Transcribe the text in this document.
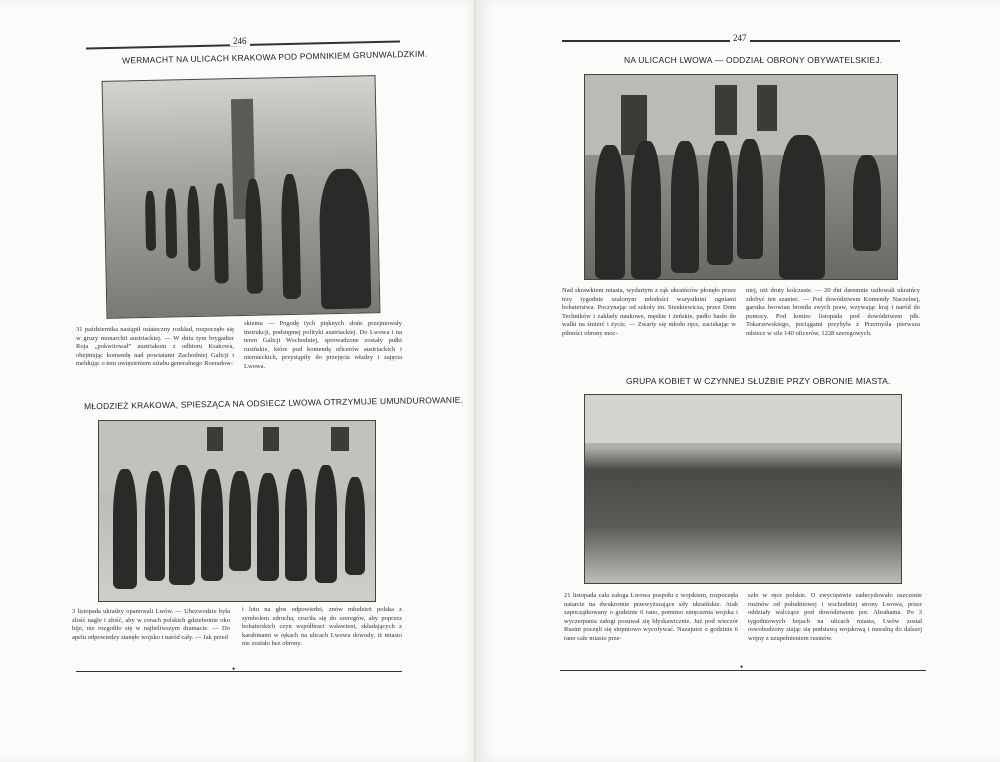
246
WERMACHT NA ULICACH KRAKOWA POD POMNIKIEM GRUNWALDZKIM.
31 października nastąpił ostateczny rozkład, rozpoczęło się w gruzy monarchii austriackiej. — W dniu tym brygadier Roja „pokwitował” austriakom z odbioru Krakowa, obejmując komendę nad powiatami Zachodniej Galicji i meldując o tem uwięzieniem sztabu generalnego Roeradow-
skiemu — Pogodę tych pięknych słońc przejmowały instrukcji, podstępnej polityki austriackiej. Do Lwowa i na teren Galicji Wschodniej, sprowadzone zostały pułki rusińskie, które pod komendą oficerów austriackich i niemieckich, przystąpiły do przejęcia władzy i zajęcia Lwowa.
MŁODZIEŻ KRAKOWA, SPIESZĄCA NA ODSIECZ LWOWA OTRZYMUJE UMUNDUROWANIE.
3 listopada ukradzy opanowali Lwów. — Ubezwodzie była złość nagle i złość, aby w cerach polskich gdzieboinie oko bije, nie rozgoliło się w najbeliwszym dramacie. — Do apelu odpowiedzy stanęło wojsko i naród cały. — Jak przed
i lotu na głos odpowiedzi, znów młodzież polska z symbolem zdrucha, rzuciła się do szeregów, aby poprzez bohaterskich czyn współbraci wsławieni, składających z karabinami w rękach na ulicach Lwowa dowody, iż miasto nie zostało bez obrony.
•
247
NA ULICACH LWOWA — ODDZIAŁ OBRONY OBYWATELSKIEJ.
Nad skrawkiem miasta, wydartym z rąk ukraińców płonęło przez trzy tygodnie szalonym młodości wszystkimi ogniami bohaterstwa. Poczynając od szkoły im. Sienkiewicza, przez Dom Techników i zakłady naukowe, męskie i żeńskie, padło hasło do walki na śmierć i życie. — Zwarty się młodo ręce, zaciskając w piłności obrony moc-
niej, niż druty kolczaste. — 20 dni daremnie usiłowali ukraińcy zdobyć ten szaniec. — Pod dowództwem Komendy Naczelnej, garstka lwowian broniła swych praw, wzywając kraj i naród do pomocy. Pod koniec listopada pod dowództwem płk. Tokarzewskiego, pociągami przybyła z Przemyśla pierwsza odsiecz w sile 140 oficerów, 1228 szeregowych.
GRUPA KOBIET W CZYNNEJ SŁUŻBIE PRZY OBRONIE MIASTA.
21 listopada cała załoga Lwowa pospołu z wojskiem, rozpoczęła natarcie na dwukrotnie przewyższające siły ukraińskie. Atak zapoczątkowany o godzinie 6 rano, pomimo zmęczenia wojska i wyczerpania załogi posuwał się błyskawicznie. Już pod wieczór Rusini poczęli się stopniowo wycofywać. Nazajutrz o godzinie 6 rano całe miasto prze-
szło w ręce polskie. O zwycięstwie zadecydowało oszczenie rusinów od południowej i wschodniej strony Lwowa, przez oddziały walczące pod dowództwem por. Abrahama. Po 3 tygodniowych bojach na ulicach miasta, Lwów został oswobodzony stając się podstawą wojskową i moralną do dalszej wojny z uzupełnieniem rusinów.
•
